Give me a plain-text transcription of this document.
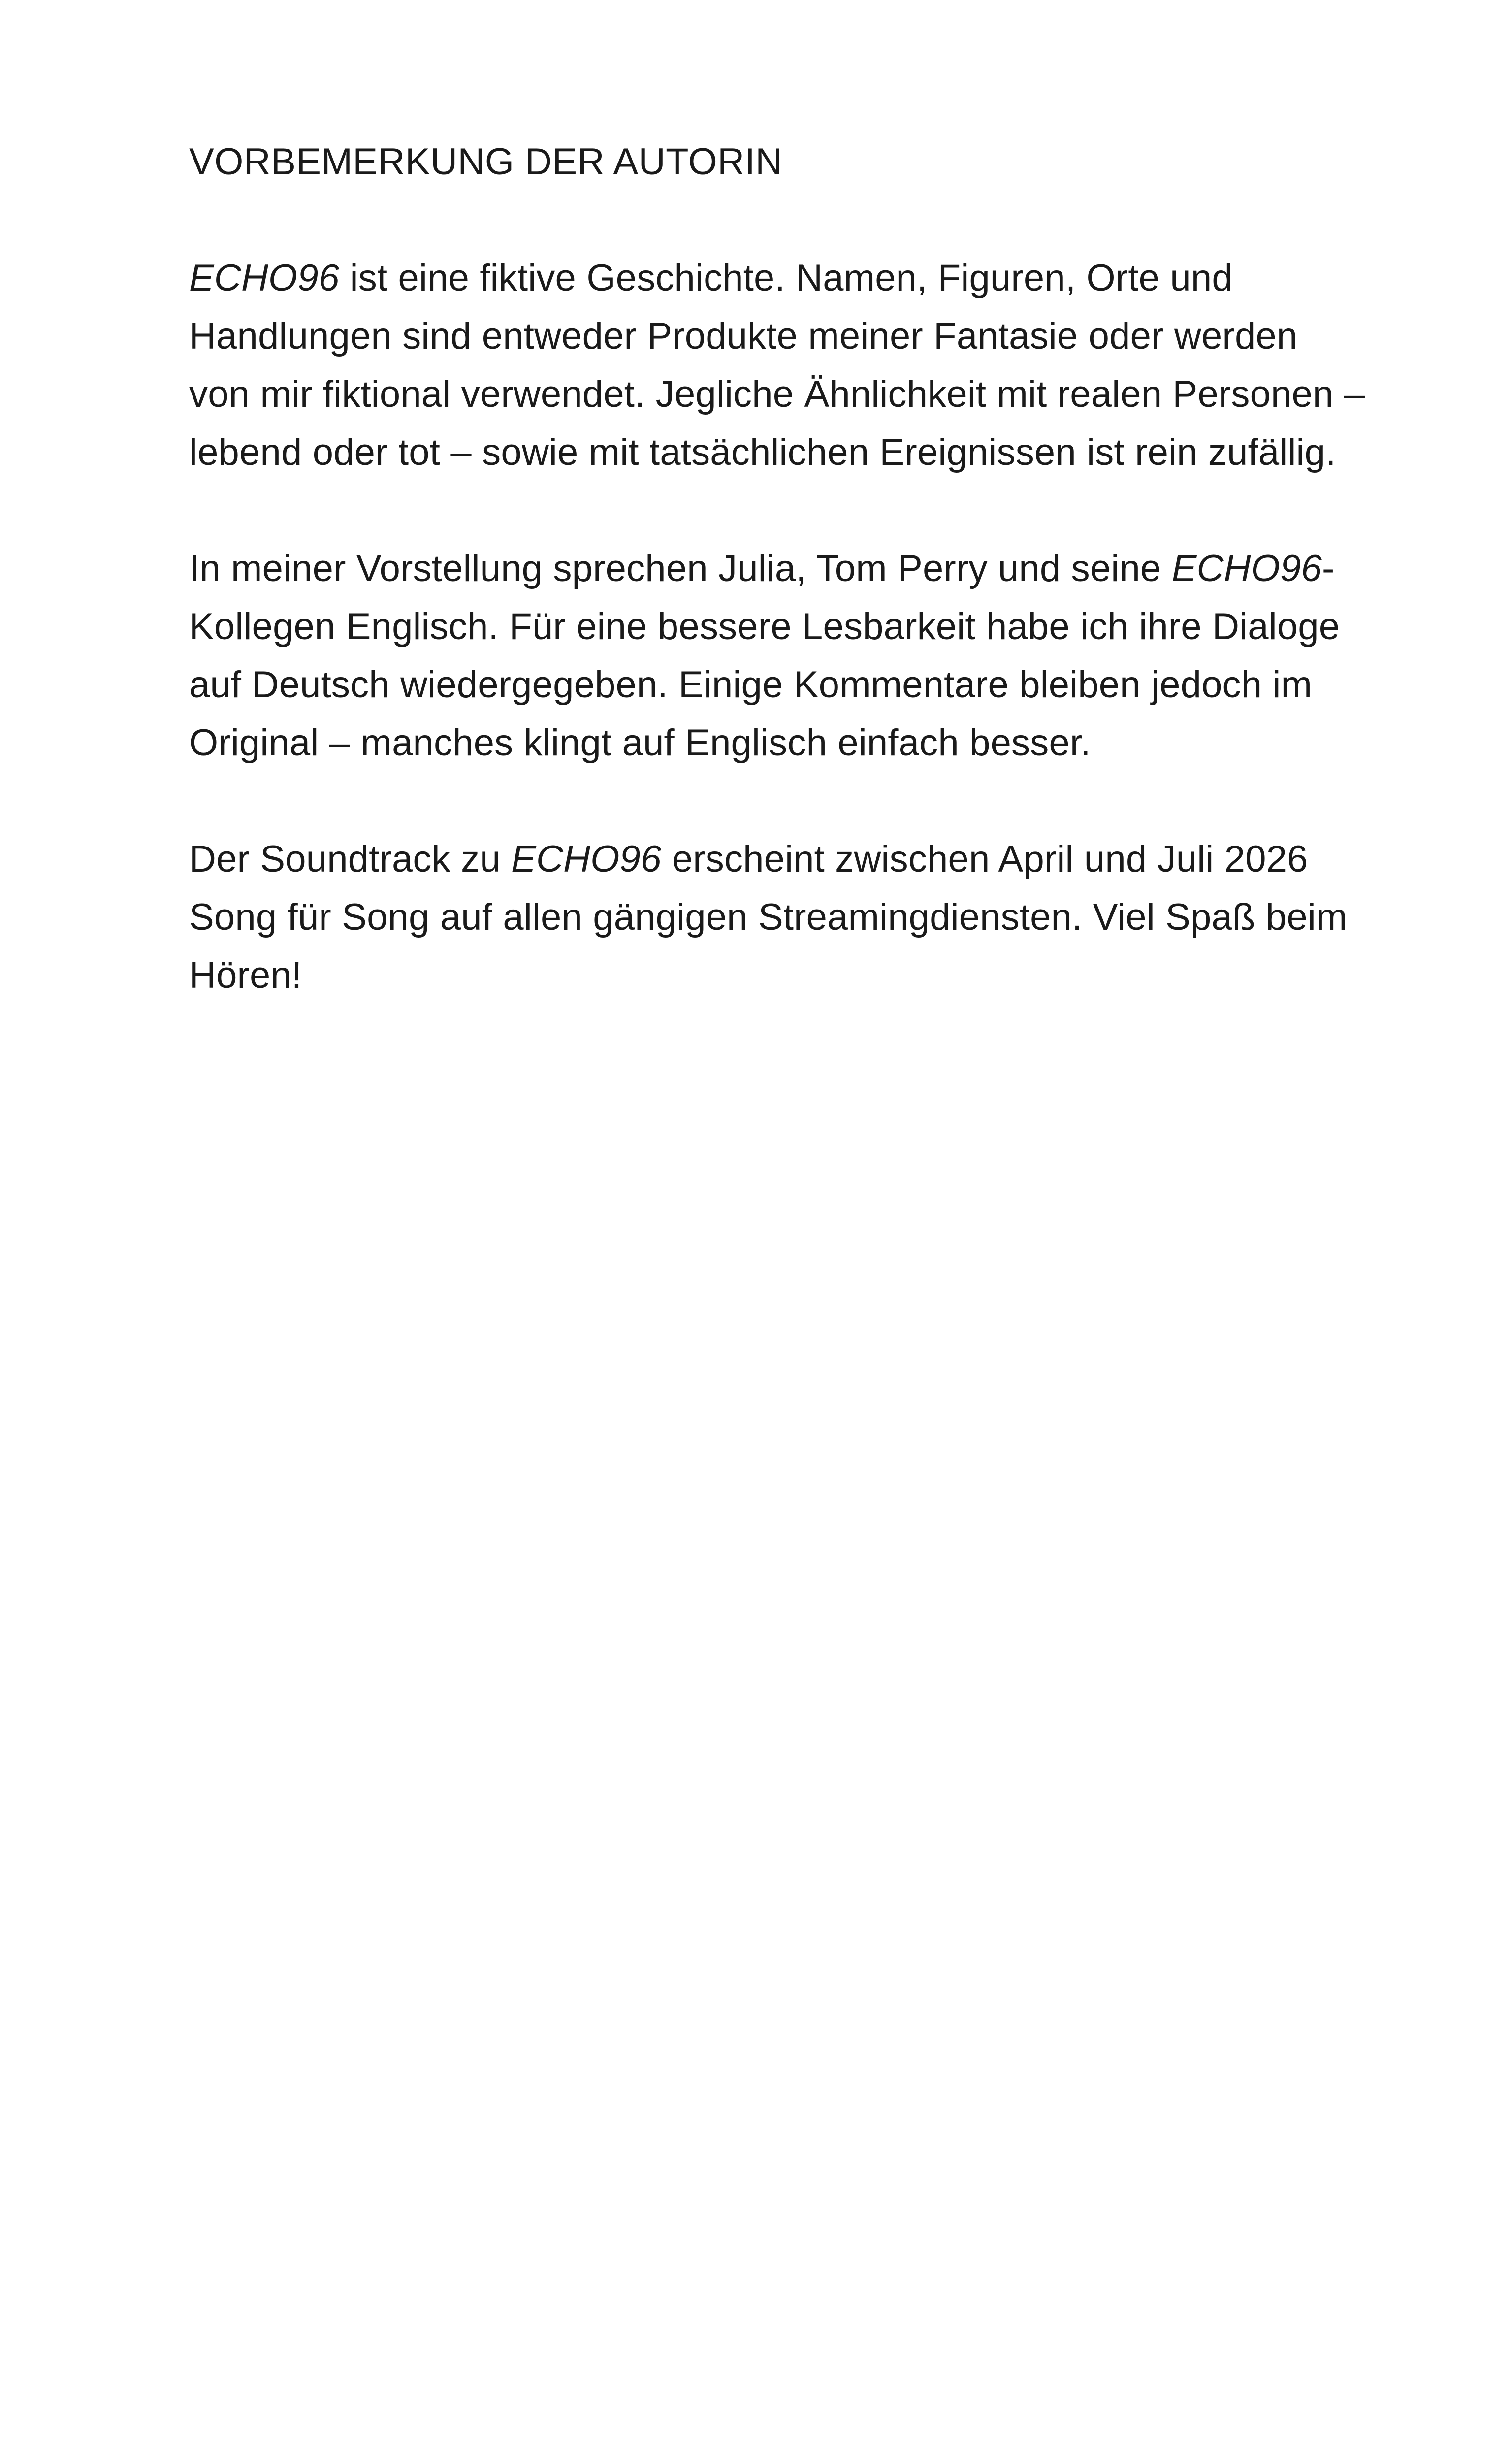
VORBEMERKUNG DER AUTORIN

ECHO96 ist eine fiktive Geschichte. Namen, Figuren, Orte und
Handlungen sind entweder Produkte meiner Fantasie oder werden
von mir fiktional verwendet. Jegliche Ähnlichkeit mit realen Personen –
lebend oder tot – sowie mit tatsächlichen Ereignissen ist rein zufällig.

In meiner Vorstellung sprechen Julia, Tom Perry und seine ECHO96-
Kollegen Englisch. Für eine bessere Lesbarkeit habe ich ihre Dialoge
auf Deutsch wiedergegeben. Einige Kommentare bleiben jedoch im
Original – manches klingt auf Englisch einfach besser.

Der Soundtrack zu ECHO96 erscheint zwischen April und Juli 2026
Song für Song auf allen gängigen Streamingdiensten. Viel Spaß beim
Hören!
